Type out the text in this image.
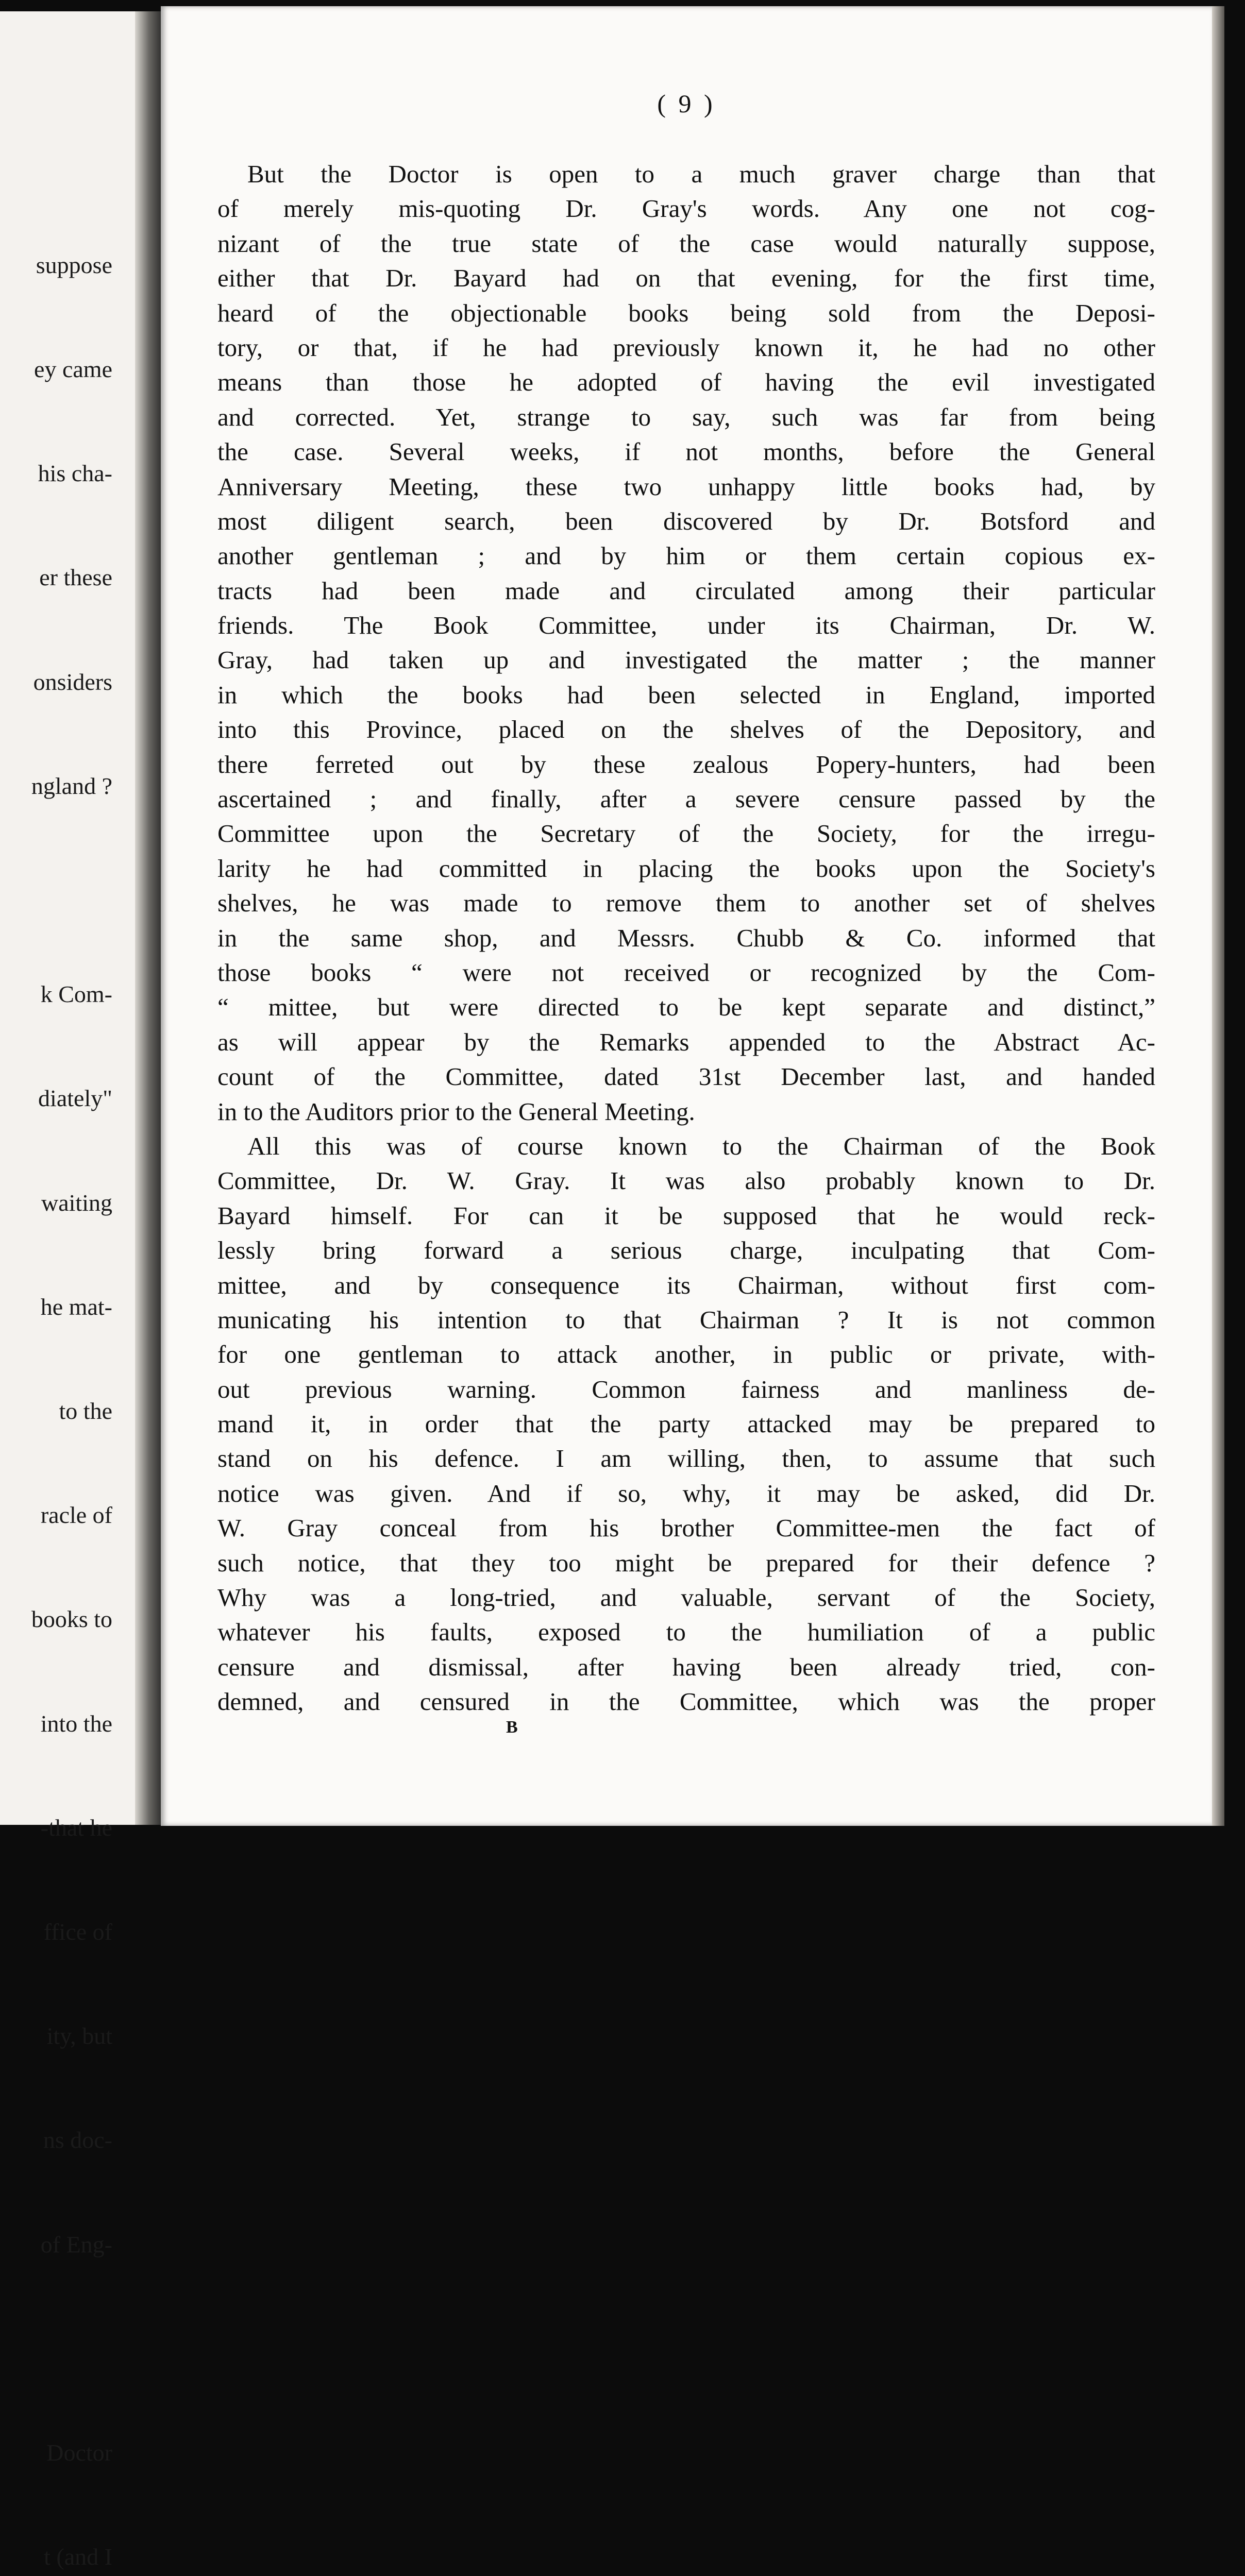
suppose

ey came

his cha-

er these

onsiders

ngland ?

k Com-

diately"

waiting

he mat-

to the

racle of

books to

into the

-that he

ffice of

ity, but

ns doc-

of Eng-

Doctor

t (and I

( 9 )
But the Doctor is open to a much graver charge than that
of merely mis-quoting Dr. Gray's words. Any one not cog-
nizant of the true state of the case would naturally suppose,
either that Dr. Bayard had on that evening, for the first time,
heard of the objectionable books being sold from the Deposi-
tory, or that, if he had previously known it, he had no other
means than those he adopted of having the evil investigated
and corrected. Yet, strange to say, such was far from being
the case. Several weeks, if not months, before the General
Anniversary Meeting, these two unhappy little books had, by
most diligent search, been discovered by Dr. Botsford and
another gentleman ; and by him or them certain copious ex-
tracts had been made and circulated among their particular
friends. The Book Committee, under its Chairman, Dr. W.
Gray, had taken up and investigated the matter ; the manner
in which the books had been selected in England, imported
into this Province, placed on the shelves of the Depository, and
there ferreted out by these zealous Popery-hunters, had been
ascertained ; and finally, after a severe censure passed by the
Committee upon the Secretary of the Society, for the irregu-
larity he had committed in placing the books upon the Society's
shelves, he was made to remove them to another set of shelves
in the same shop, and Messrs. Chubb & Co. informed that
those books “ were not received or recognized by the Com-
“ mittee, but were directed to be kept separate and distinct,”
as will appear by the Remarks appended to the Abstract Ac-
count of the Committee, dated 31st December last, and handed
in to the Auditors prior to the General Meeting.
All this was of course known to the Chairman of the Book
Committee, Dr. W. Gray. It was also probably known to Dr.
Bayard himself. For can it be supposed that he would reck-
lessly bring forward a serious charge, inculpating that Com-
mittee, and by consequence its Chairman, without first com-
municating his intention to that Chairman ? It is not common
for one gentleman to attack another, in public or private, with-
out previous warning. Common fairness and manliness de-
mand it, in order that the party attacked may be prepared to
stand on his defence. I am willing, then, to assume that such
notice was given. And if so, why, it may be asked, did Dr.
W. Gray conceal from his brother Committee-men the fact of
such notice, that they too might be prepared for their defence ?
Why was a long-tried, and valuable, servant of the Society,
whatever his faults, exposed to the humiliation of a public
censure and dismissal, after having been already tried, con-
demned, and censured in the Committee, which was the proper
B
